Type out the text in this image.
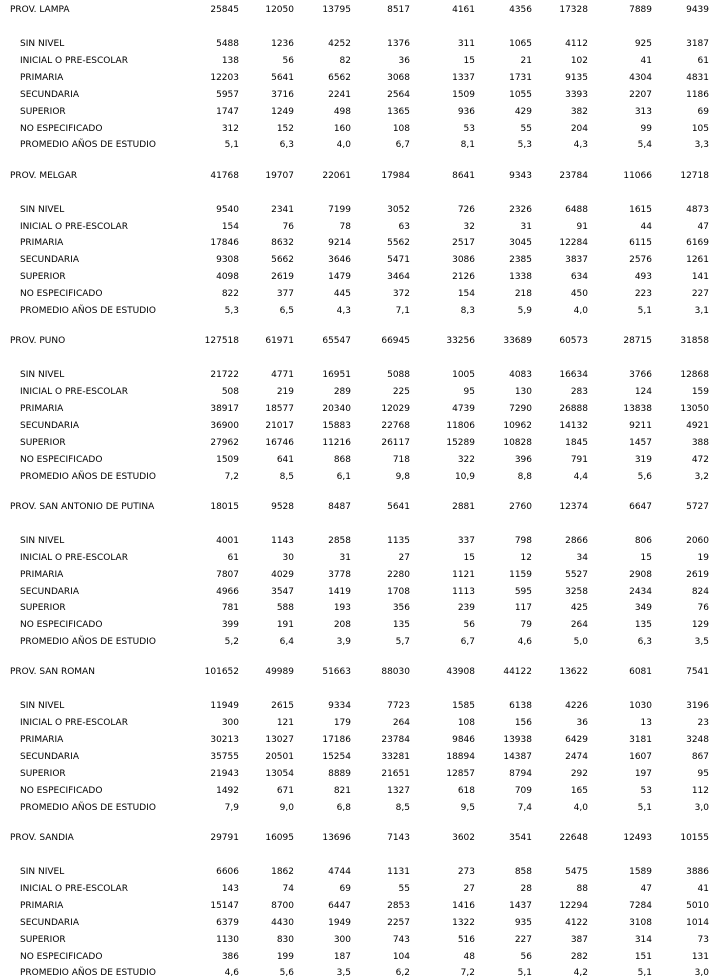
PROV. LAMPA	25845	12050	13795	8517	4161	4356	17328	7889	9439
SIN NIVEL	5488	1236	4252	1376	311	1065	4112	925	3187
INICIAL O PRE-ESCOLAR	138	56	82	36	15	21	102	41	61
PRIMARIA	12203	5641	6562	3068	1337	1731	9135	4304	4831
SECUNDARIA	5957	3716	2241	2564	1509	1055	3393	2207	1186
SUPERIOR	1747	1249	498	1365	936	429	382	313	69
NO ESPECIFICADO	312	152	160	108	53	55	204	99	105
PROMEDIO AÑOS DE ESTUDIO	5,1	6,3	4,0	6,7	8,1	5,3	4,3	5,4	3,3
PROV. MELGAR	41768	19707	22061	17984	8641	9343	23784	11066	12718
SIN NIVEL	9540	2341	7199	3052	726	2326	6488	1615	4873
INICIAL O PRE-ESCOLAR	154	76	78	63	32	31	91	44	47
PRIMARIA	17846	8632	9214	5562	2517	3045	12284	6115	6169
SECUNDARIA	9308	5662	3646	5471	3086	2385	3837	2576	1261
SUPERIOR	4098	2619	1479	3464	2126	1338	634	493	141
NO ESPECIFICADO	822	377	445	372	154	218	450	223	227
PROMEDIO AÑOS DE ESTUDIO	5,3	6,5	4,3	7,1	8,3	5,9	4,0	5,1	3,1
PROV. PUNO	127518	61971	65547	66945	33256	33689	60573	28715	31858
SIN NIVEL	21722	4771	16951	5088	1005	4083	16634	3766	12868
INICIAL O PRE-ESCOLAR	508	219	289	225	95	130	283	124	159
PRIMARIA	38917	18577	20340	12029	4739	7290	26888	13838	13050
SECUNDARIA	36900	21017	15883	22768	11806	10962	14132	9211	4921
SUPERIOR	27962	16746	11216	26117	15289	10828	1845	1457	388
NO ESPECIFICADO	1509	641	868	718	322	396	791	319	472
PROMEDIO AÑOS DE ESTUDIO	7,2	8,5	6,1	9,8	10,9	8,8	4,4	5,6	3,2
PROV. SAN ANTONIO DE PUTINA	18015	9528	8487	5641	2881	2760	12374	6647	5727
SIN NIVEL	4001	1143	2858	1135	337	798	2866	806	2060
INICIAL O PRE-ESCOLAR	61	30	31	27	15	12	34	15	19
PRIMARIA	7807	4029	3778	2280	1121	1159	5527	2908	2619
SECUNDARIA	4966	3547	1419	1708	1113	595	3258	2434	824
SUPERIOR	781	588	193	356	239	117	425	349	76
NO ESPECIFICADO	399	191	208	135	56	79	264	135	129
PROMEDIO AÑOS DE ESTUDIO	5,2	6,4	3,9	5,7	6,7	4,6	5,0	6,3	3,5
PROV. SAN ROMAN	101652	49989	51663	88030	43908	44122	13622	6081	7541
SIN NIVEL	11949	2615	9334	7723	1585	6138	4226	1030	3196
INICIAL O PRE-ESCOLAR	300	121	179	264	108	156	36	13	23
PRIMARIA	30213	13027	17186	23784	9846	13938	6429	3181	3248
SECUNDARIA	35755	20501	15254	33281	18894	14387	2474	1607	867
SUPERIOR	21943	13054	8889	21651	12857	8794	292	197	95
NO ESPECIFICADO	1492	671	821	1327	618	709	165	53	112
PROMEDIO AÑOS DE ESTUDIO	7,9	9,0	6,8	8,5	9,5	7,4	4,0	5,1	3,0
PROV. SANDIA	29791	16095	13696	7143	3602	3541	22648	12493	10155
SIN NIVEL	6606	1862	4744	1131	273	858	5475	1589	3886
INICIAL O PRE-ESCOLAR	143	74	69	55	27	28	88	47	41
PRIMARIA	15147	8700	6447	2853	1416	1437	12294	7284	5010
SECUNDARIA	6379	4430	1949	2257	1322	935	4122	3108	1014
SUPERIOR	1130	830	300	743	516	227	387	314	73
NO ESPECIFICADO	386	199	187	104	48	56	282	151	131
PROMEDIO AÑOS DE ESTUDIO	4,6	5,6	3,5	6,2	7,2	5,1	4,2	5,1	3,0
